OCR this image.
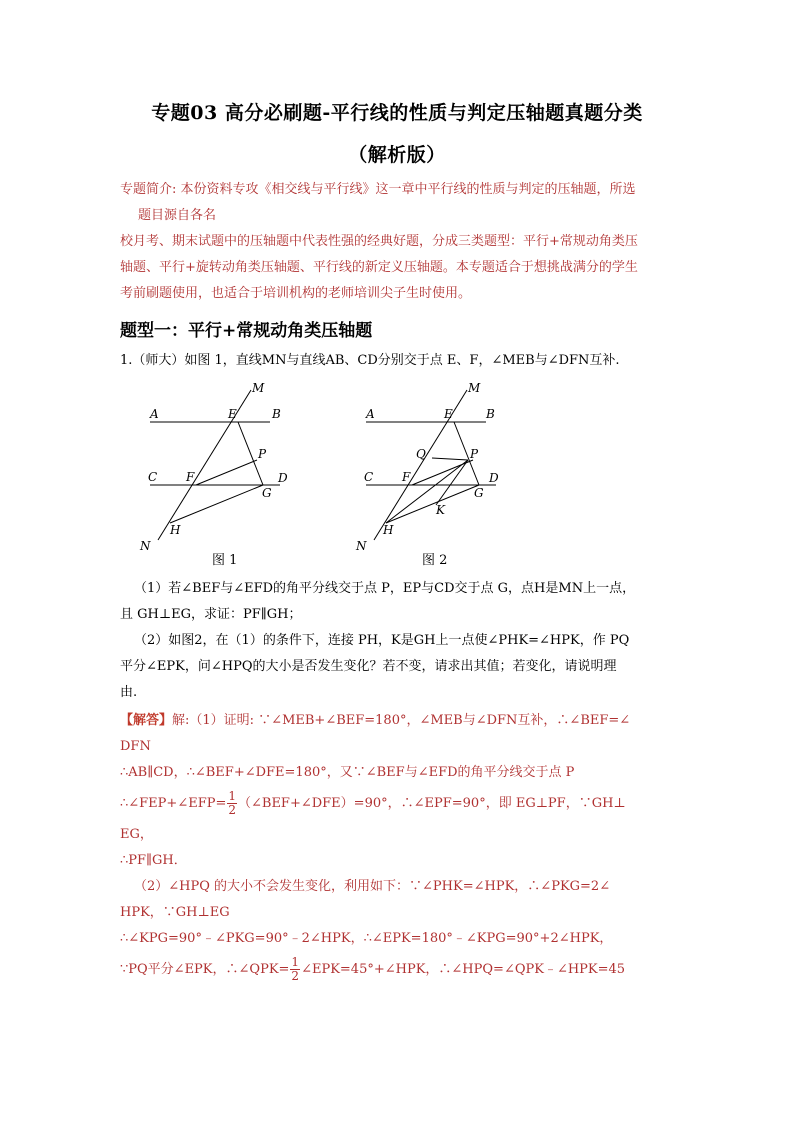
专题03 高分必刷题-平行线的性质与判定压轴题真题分类
（解析版）

专题简介: 本份资料专攻《相交线与平行线》这一章中平行线的性质与判定的压轴题，所选

题目源自各名

校月考、期末试题中的压轴题中代表性强的经典好题，分成三类题型：平行+常规动角类压

轴题、平行+旋转动角类压轴题、平行线的新定义压轴题。本专题适合于想挑战满分的学生

考前刷题使用，也适合于培训机构的老师培训尖子生时使用。

题型一：平行+常规动角类压轴题
1.（师大）如图 1，直线MN与直线AB、CD分别交于点 E、F，∠MEB与∠DFN互补.
M
A	E	B
P
C F	D
G
H
N
图 1
M
A	E	B
Q	P
C F	D
G
K
H
N
图 2

（1）若∠BEF与∠EFD的角平分线交于点 P，EP与CD交于点 G，点H是MN上一点，

且 GH⊥EG，求证：PF∥GH；

（2）如图2，在（1）的条件下，连接 PH，K是GH上一点使∠PHK=∠HPK，作 PQ

平分∠EPK，问∠HPQ的大小是否发生变化？若不变，请求出其值；若变化，请说明理

由.

【解答】解:（1）证明: ∵∠MEB+∠BEF=180°，∠MEB与∠DFN互补，∴∠BEF=∠

DFN

∴AB∥CD，∴∠BEF+∠DFE=180°，又∵∠BEF与∠EFD的角平分线交于点 P

∴∠FEP+∠EFP= $\frac{1}{2}$ （∠BEF+∠DFE）=90°，∴∠EPF=90°，即 EG⊥PF，∵GH⊥

EG，

∴PF∥GH．

（2）∠HPQ 的大小不会发生变化，利用如下：∵∠PHK=∠HPK，∴∠PKG=2∠

HPK，∵GH⊥EG

∴∠KPG=90°﹣∠PKG=90°﹣2∠HPK，∴∠EPK=180°﹣∠KPG=90°+2∠HPK，

∵PQ平分∠EPK，∴∠QPK= $\frac{1}{2}$ ∠EPK=45°+∠HPK，∴∠HPQ=∠QPK﹣∠HPK=45
